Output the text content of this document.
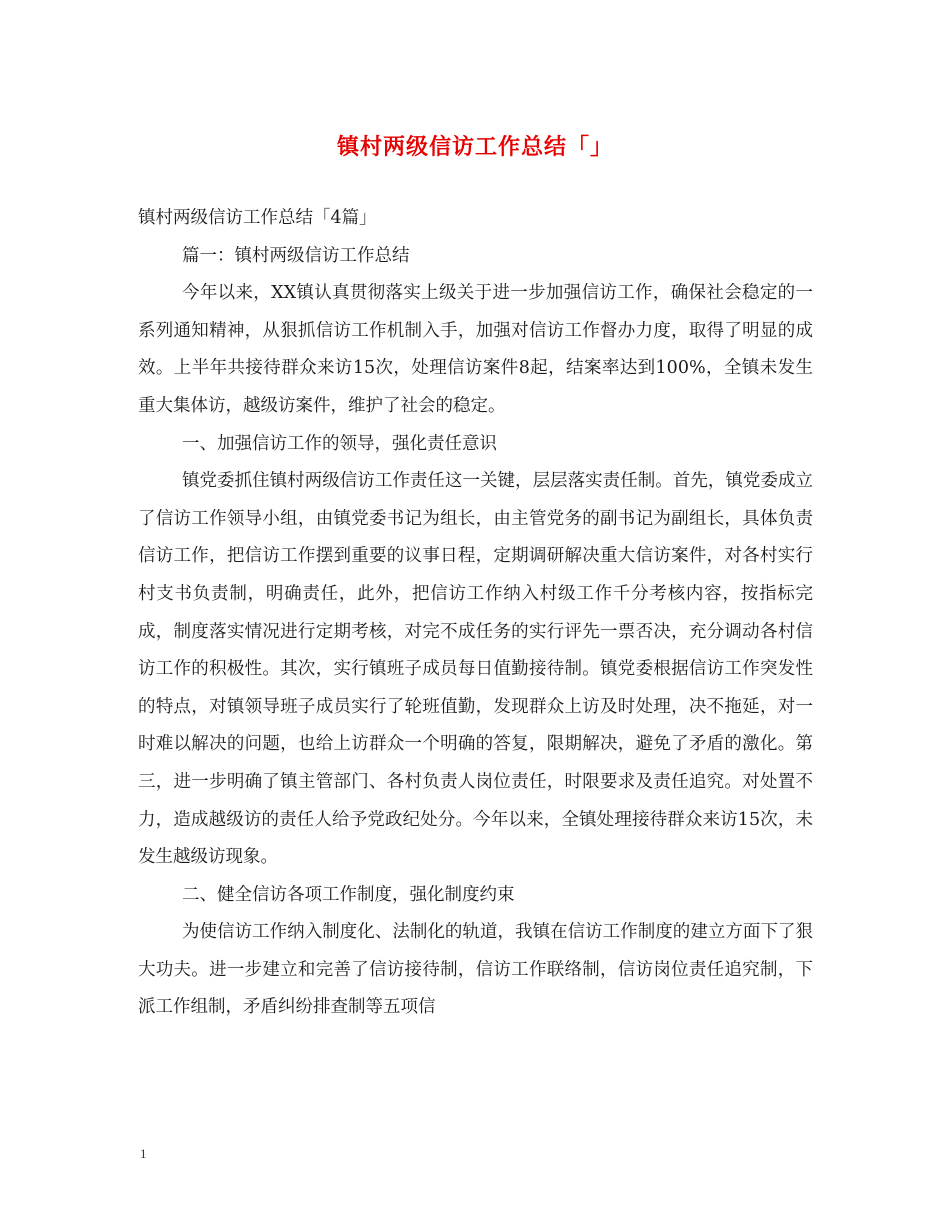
镇村两级信访工作总结「」

镇村两级信访工作总结「4篇」

篇一：镇村两级信访工作总结

今年以来，XX镇认真贯彻落实上级关于进一步加强信访工作，确保社会稳定的一系列通知精神，从狠抓信访工作机制入手，加强对信访工作督办力度，取得了明显的成效。上半年共接待群众来访15次，处理信访案件8起，结案率达到100%，全镇未发生重大集体访，越级访案件，维护了社会的稳定。

一、加强信访工作的领导，强化责任意识

镇党委抓住镇村两级信访工作责任这一关键，层层落实责任制。首先，镇党委成立了信访工作领导小组，由镇党委书记为组长，由主管党务的副书记为副组长，具体负责信访工作，把信访工作摆到重要的议事日程，定期调研解决重大信访案件，对各村实行村支书负责制，明确责任，此外，把信访工作纳入村级工作千分考核内容，按指标完成，制度落实情况进行定期考核，对完不成任务的实行评先一票否决，充分调动各村信访工作的积极性。其次，实行镇班子成员每日值勤接待制。镇党委根据信访工作突发性的特点，对镇领导班子成员实行了轮班值勤，发现群众上访及时处理，决不拖延，对一时难以解决的问题，也给上访群众一个明确的答复，限期解决，避免了矛盾的激化。第三，进一步明确了镇主管部门、各村负责人岗位责任，时限要求及责任追究。对处置不力，造成越级访的责任人给予党政纪处分。今年以来，全镇处理接待群众来访15次，未发生越级访现象。

二、健全信访各项工作制度，强化制度约束

为使信访工作纳入制度化、法制化的轨道，我镇在信访工作制度的建立方面下了狠大功夫。进一步建立和完善了信访接待制，信访工作联络制，信访岗位责任追究制，下派工作组制，矛盾纠纷排查制等五项信

1
